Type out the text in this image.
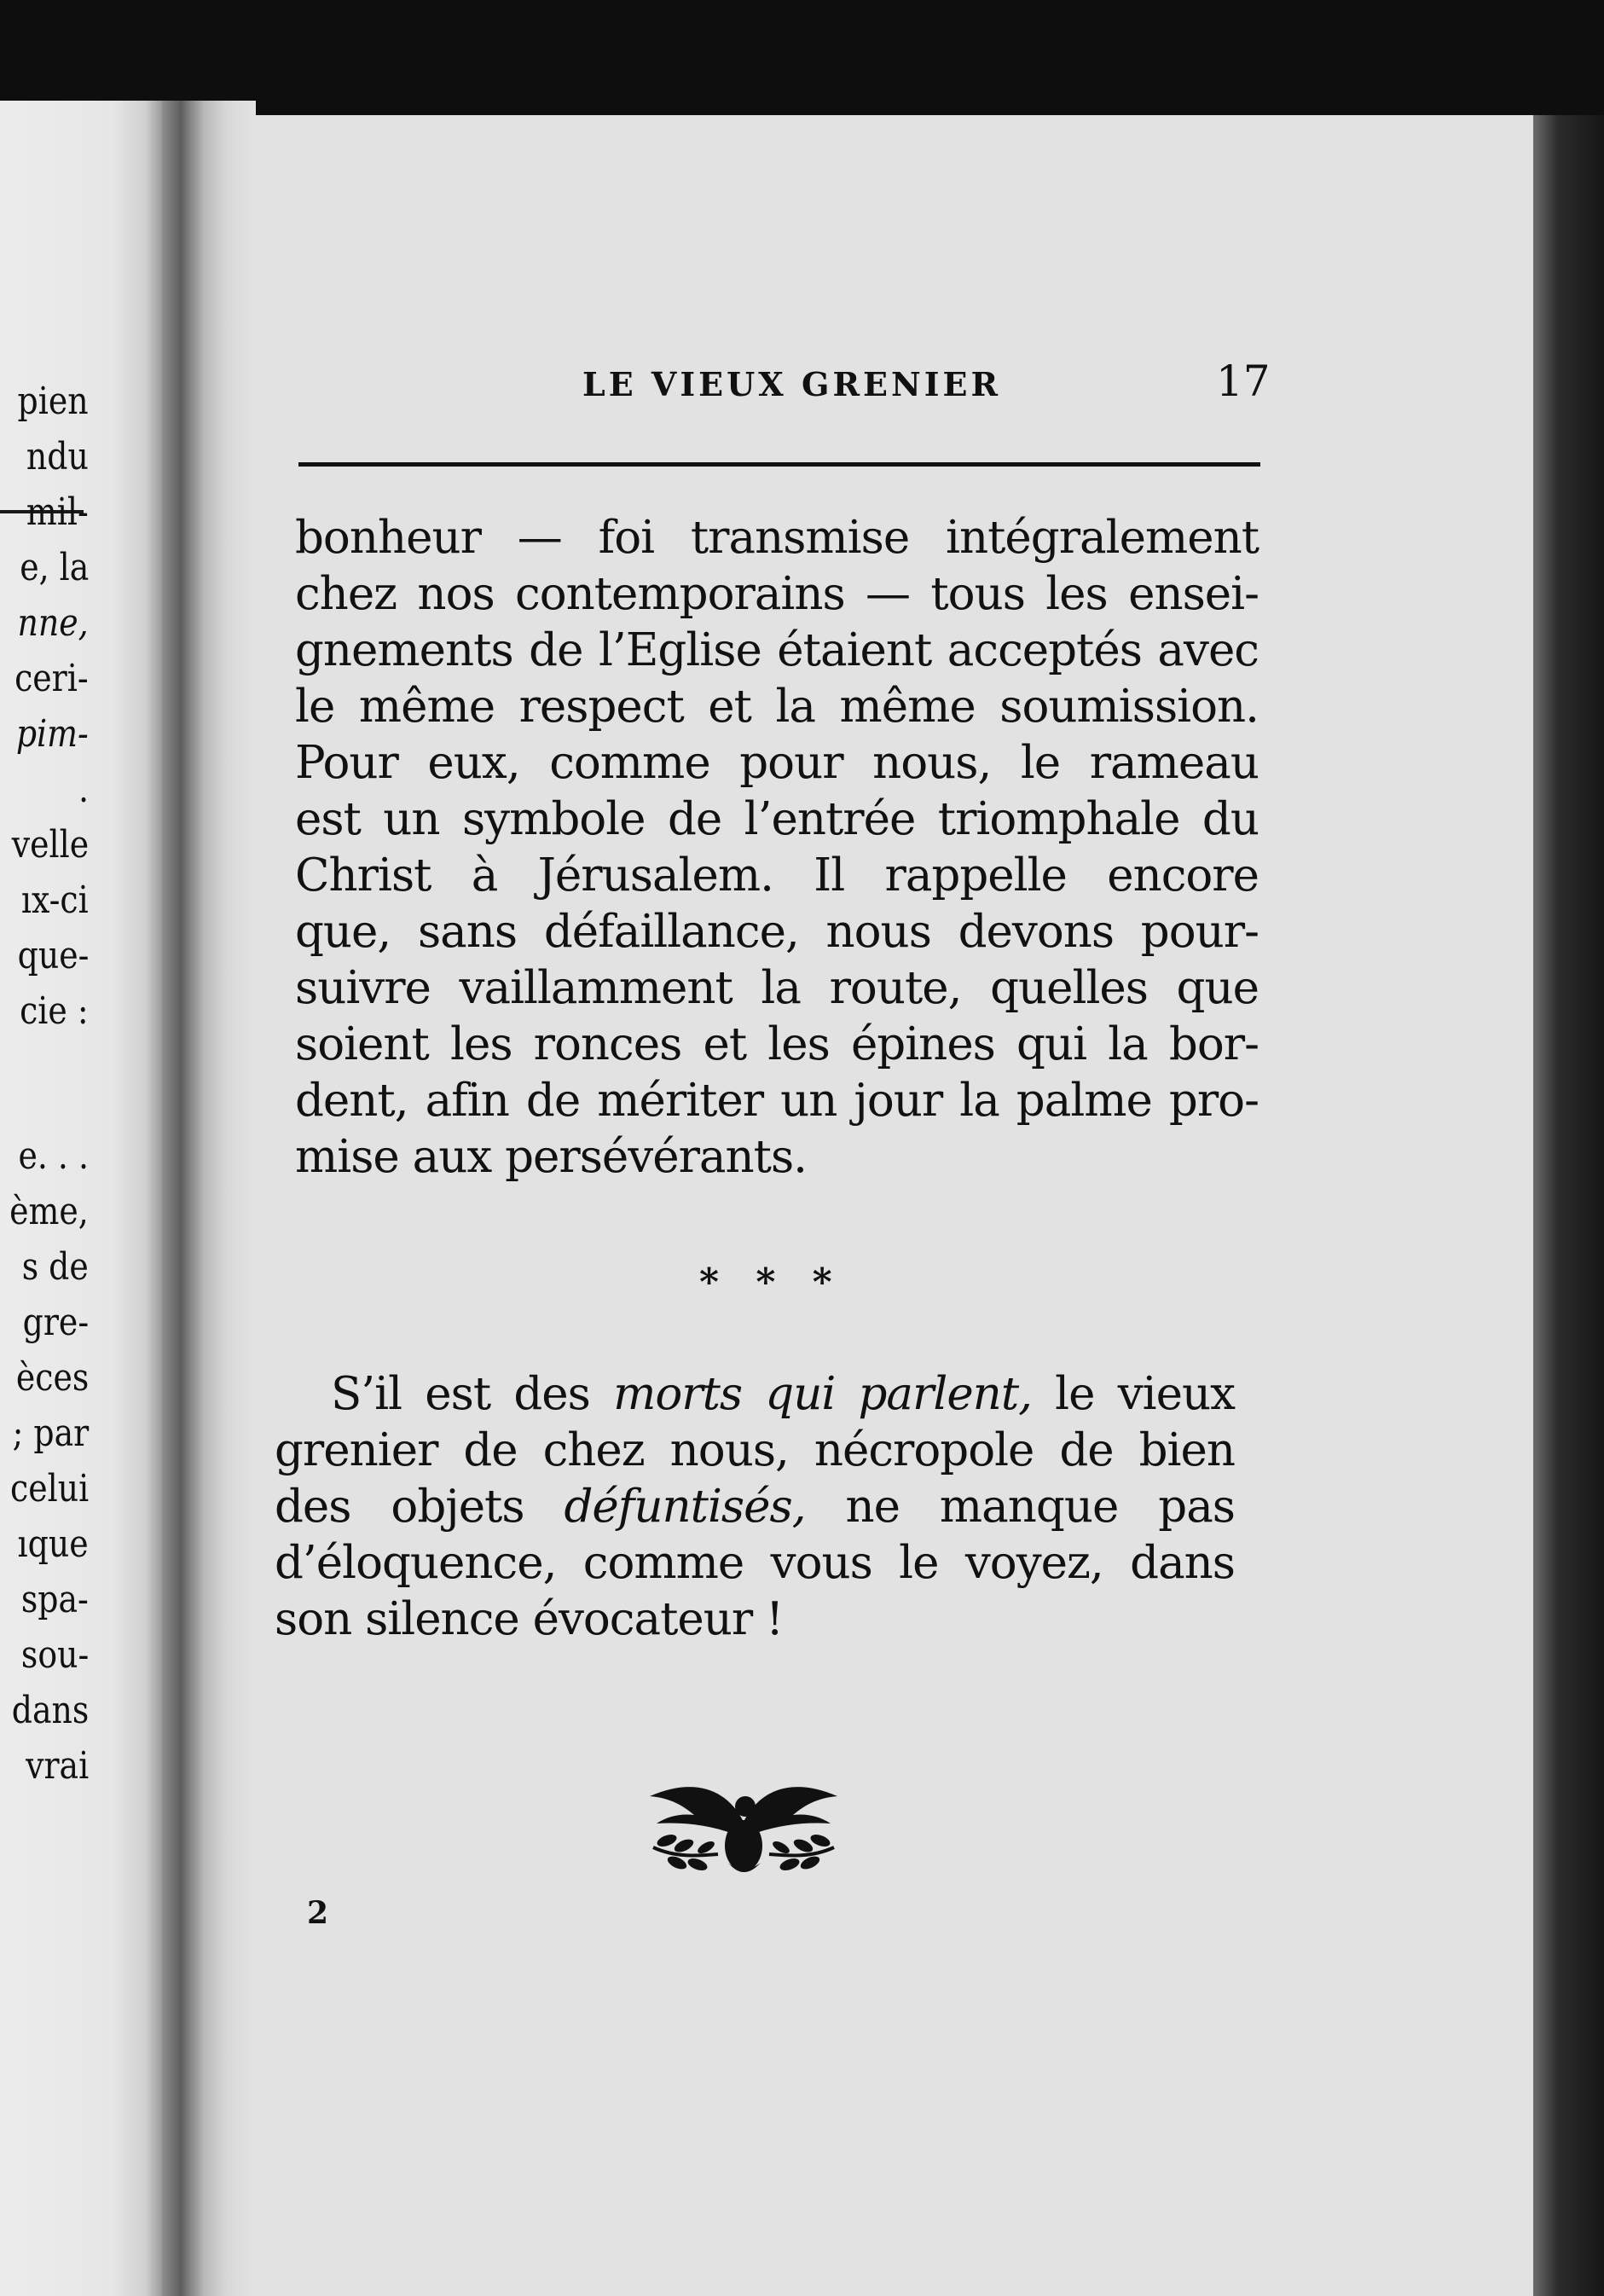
pien

ndu

mil-

e, la

nne,

ceri-

pim-

.

velle

ıx-ci

que-

cie :

e. . .

ème,

s de

gre-

èces

; par

celui

ıque

spa-

sou-

dans

vrai

LE VIEUX GRENIER	17

bonheur — foi transmise intégralement

chez nos contemporains — tous les ensei-

gnements de l’Eglise étaient acceptés avec

le même respect et la même soumission.

Pour eux, comme pour nous, le rameau

est un symbole de l’entrée triomphale du

Christ à Jérusalem. Il rappelle encore

que, sans défaillance, nous devons pour-

suivre vaillamment la route, quelles que

soient les ronces et les épines qui la bor-

dent, afin de mériter un jour la palme pro-

mise aux persévérants.

* * *

S’il est des morts qui parlent, le vieux

grenier de chez nous, nécropole de bien

des objets défuntisés, ne manque pas

d’éloquence, comme vous le voyez, dans

son silence évocateur !

2
